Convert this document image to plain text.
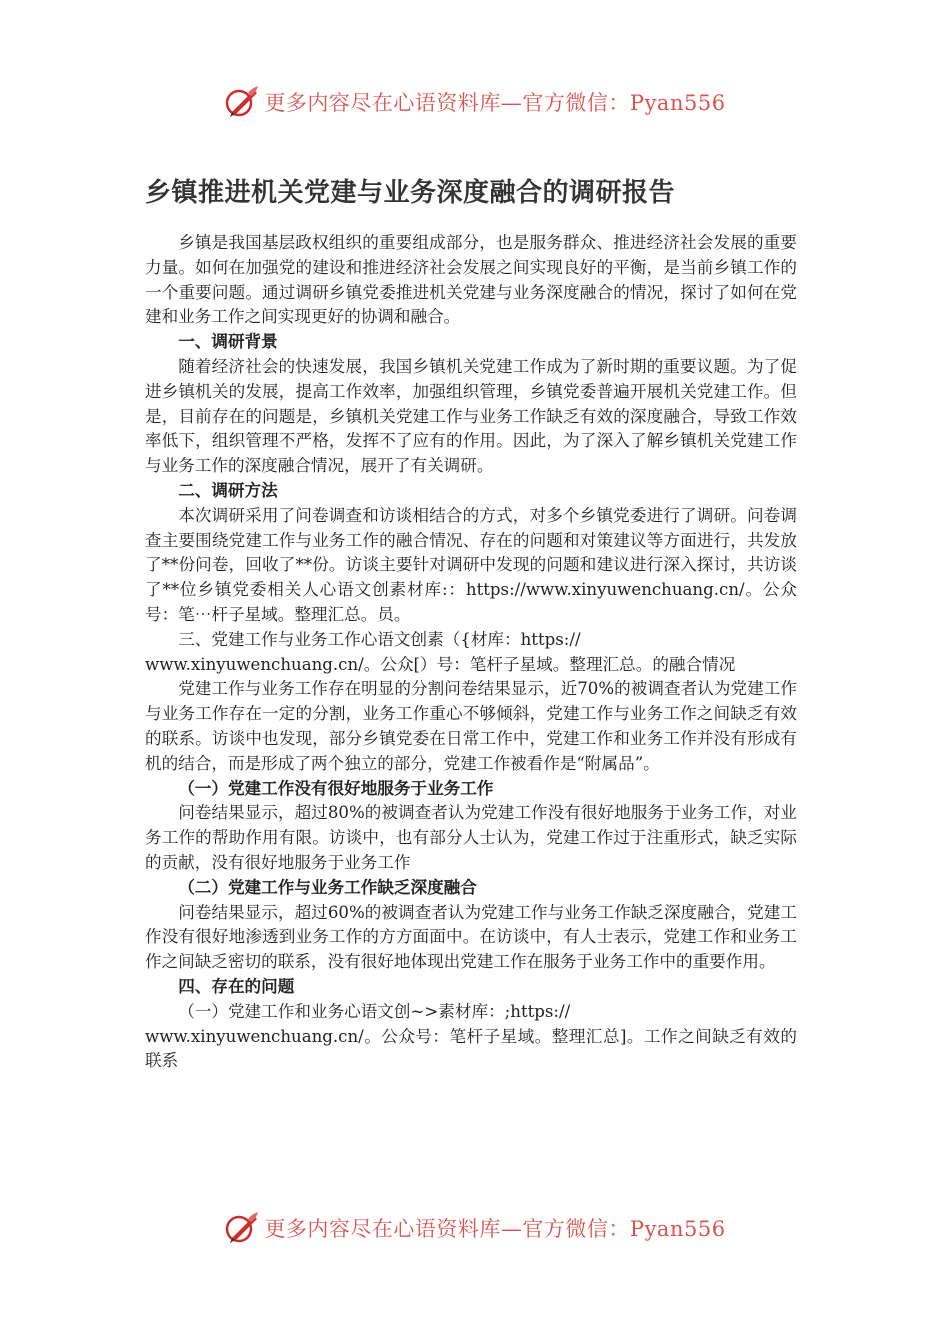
更多内容尽在心语资料库—官方微信：Pyan556
乡镇推进机关党建与业务深度融合的调研报告

乡镇是我国基层政权组织的重要组成部分，也是服务群众、推进经济社会发展的重要力量。如何在加强党的建设和推进经济社会发展之间实现良好的平衡，是当前乡镇工作的一个重要问题。通过调研乡镇党委推进机关党建与业务深度融合的情况，探讨了如何在党建和业务工作之间实现更好的协调和融合。

一、调研背景

随着经济社会的快速发展，我国乡镇机关党建工作成为了新时期的重要议题。为了促进乡镇机关的发展，提高工作效率，加强组织管理，乡镇党委普遍开展机关党建工作。但是，目前存在的问题是，乡镇机关党建工作与业务工作缺乏有效的深度融合，导致工作效率低下，组织管理不严格，发挥不了应有的作用。因此，为了深入了解乡镇机关党建工作与业务工作的深度融合情况，展开了有关调研。

二、调研方法

本次调研采用了问卷调查和访谈相结合的方式，对多个乡镇党委进行了调研。问卷调查主要围绕党建工作与业务工作的融合情况、存在的问题和对策建议等方面进行，共发放了**份问卷，回收了**份。访谈主要针对调研中发现的问题和建议进行深入探讨，共访谈了**位乡镇党委相关人心语文创素材库:：https://www.xinyuwenchuang.cn/。公众号：笔⋯杆子星域。整理汇总。员。

三、党建工作与业务工作心语文创素（{材库：https://

www.xinyuwenchuang.cn/。公众[）号：笔杆子星域。整理汇总。的融合情况

党建工作与业务工作存在明显的分割问卷结果显示，近70%的被调查者认为党建工作与业务工作存在一定的分割，业务工作重心不够倾斜，党建工作与业务工作之间缺乏有效的联系。访谈中也发现，部分乡镇党委在日常工作中，党建工作和业务工作并没有形成有机的结合，而是形成了两个独立的部分，党建工作被看作是“附属品”。

（一）党建工作没有很好地服务于业务工作

问卷结果显示，超过80%的被调查者认为党建工作没有很好地服务于业务工作，对业务工作的帮助作用有限。访谈中，也有部分人士认为，党建工作过于注重形式，缺乏实际的贡献，没有很好地服务于业务工作

（二）党建工作与业务工作缺乏深度融合

问卷结果显示，超过60%的被调查者认为党建工作与业务工作缺乏深度融合，党建工作没有很好地渗透到业务工作的方方面面中。在访谈中，有人士表示，党建工作和业务工作之间缺乏密切的联系，没有很好地体现出党建工作在服务于业务工作中的重要作用。

四、存在的问题

（一）党建工作和业务心语文创~>素材库：;https://

www.xinyuwenchuang.cn/。公众号：笔杆子星域。整理汇总]。工作之间缺乏有效的联系

更多内容尽在心语资料库—官方微信：Pyan556
